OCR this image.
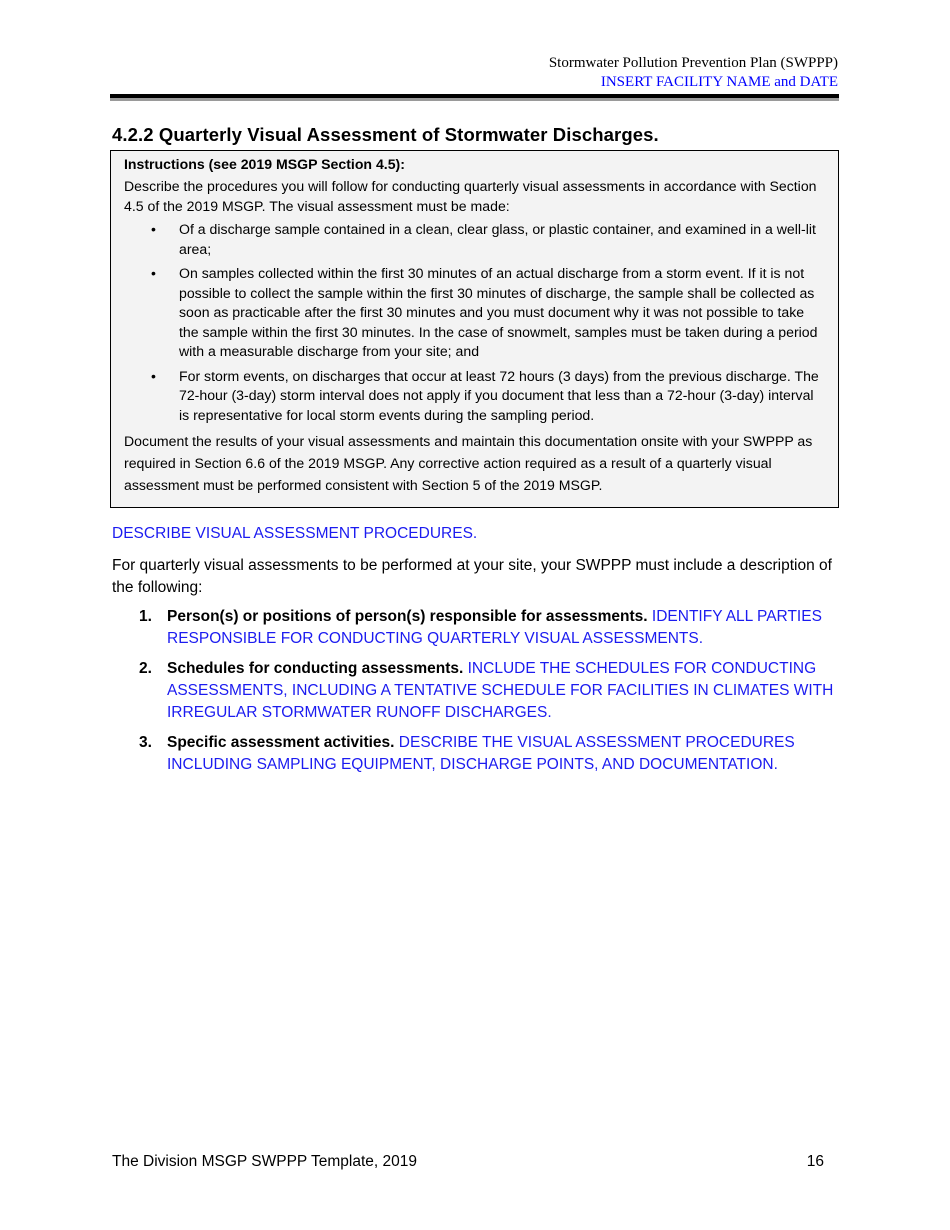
Stormwater Pollution Prevention Plan (SWPPP)
INSERT FACILITY NAME and DATE
4.2.2 Quarterly Visual Assessment of Stormwater Discharges.

Instructions (see 2019 MSGP Section 4.5):

Describe the procedures you will follow for conducting quarterly visual assessments in accordance with Section 4.5 of the 2019 MSGP. The visual assessment must be made:

• Of a discharge sample contained in a clean, clear glass, or plastic container, and examined in a well-lit area;
• On samples collected within the first 30 minutes of an actual discharge from a storm event. If it is not possible to collect the sample within the first 30 minutes of discharge, the sample shall be collected as soon as practicable after the first 30 minutes and you must document why it was not possible to take the sample within the first 30 minutes. In the case of snowmelt, samples must be taken during a period with a measurable discharge from your site; and
• For storm events, on discharges that occur at least 72 hours (3 days) from the previous discharge. The 72-hour (3-day) storm interval does not apply if you document that less than a 72-hour (3-day) interval is representative for local storm events during the sampling period.

Document the results of your visual assessments and maintain this documentation onsite with your SWPPP as required in Section 6.6 of the 2019 MSGP. Any corrective action required as a result of a quarterly visual assessment must be performed consistent with Section 5 of the 2019 MSGP.

DESCRIBE VISUAL ASSESSMENT PROCEDURES.
For quarterly visual assessments to be performed at your site, your SWPPP must include a description of the following:
1. Person(s) or positions of person(s) responsible for assessments. IDENTIFY ALL PARTIES RESPONSIBLE FOR CONDUCTING QUARTERLY VISUAL ASSESSMENTS.
2. Schedules for conducting assessments. INCLUDE THE SCHEDULES FOR CONDUCTING ASSESSMENTS, INCLUDING A TENTATIVE SCHEDULE FOR FACILITIES IN CLIMATES WITH IRREGULAR STORMWATER RUNOFF DISCHARGES.
3. Specific assessment activities. DESCRIBE THE VISUAL ASSESSMENT PROCEDURES INCLUDING SAMPLING EQUIPMENT, DISCHARGE POINTS, AND DOCUMENTATION.
The Division MSGP SWPPP Template, 2019	16
